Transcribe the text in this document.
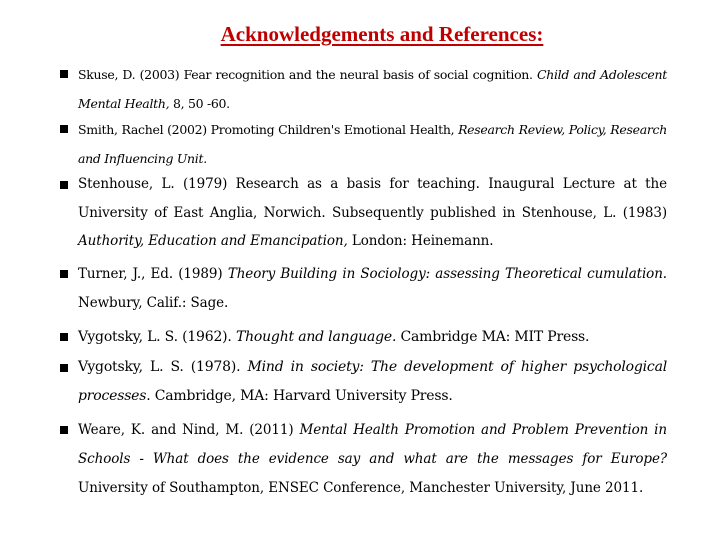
Acknowledgements and References:
Skuse, D. (2003) Fear recognition and the neural basis of social cognition. Child and Adolescent Mental Health, 8, 50 -60.
Smith, Rachel (2002) Promoting Children's Emotional Health, Research Review, Policy, Research and Influencing Unit.
Stenhouse, L. (1979) Research as a basis for teaching. Inaugural Lecture at the University of East Anglia, Norwich. Subsequently published in Stenhouse, L. (1983) Authority, Education and Emancipation, London: Heinemann.
Turner, J., Ed. (1989) Theory Building in Sociology: assessing Theoretical cumulation. Newbury, Calif.: Sage.
Vygotsky, L. S. (1962). Thought and language. Cambridge MA: MIT Press.
Vygotsky, L. S. (1978). Mind in society: The development of higher psychological processes. Cambridge, MA: Harvard University Press.
Weare, K. and Nind, M. (2011) Mental Health Promotion and Problem Prevention in Schools - What does the evidence say and what are the messages for Europe? University of Southampton, ENSEC Conference, Manchester University, June 2011.
